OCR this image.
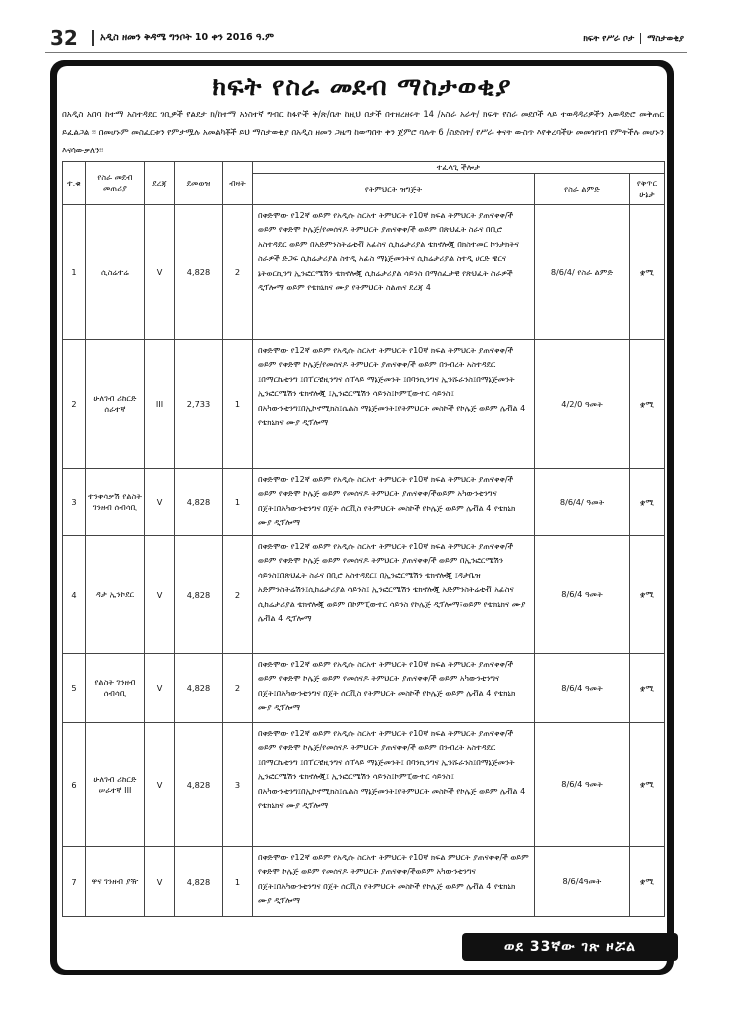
32 አዲስ ዘመን ቅዳሜ ግንቦት 10 ቀን 2016 ዓ.ም	ክፍት የሥራ ቦታ ማስታወቂያ
ክፍት የስራ መደብ ማስታወቂያ
በአዲስ አበባ ከተማ አስተዳደር ገቢዎች የልደታ ክ/ከተማ አነስተኛ ግብር ከፋዮች ቅ/ጽ/ቤት ከዚህ በታች በተዘረዘሩት 14 /አስራ አራት/ ክፍት የስራ መደቦች ላይ ተወዳዳሪዎችን አወዳድሮ መቅጠር ይፈልጋል ፡፡ በመሆኑም መስፈርቱን የምታሟሉ አመልካቾች ይህ ማስታወቂያ በአዲስ ዘመን ጋዜጣ ከወጣበት ቀን ጀምሮ ባሉት 6 /ስድስት/ የሥራ ቀናት ውስጥ እየቀረባችሁ መመዝገብ የምትችሉ መሆኑን እናሳውቃለን፡፡
ተ.ቁ	የስራ መደብ መጠሪያ	ደረጃ	ደመወዝ	ብዛት	ተፈላጊ ችሎታ		
					የትምህርት ዝግጅት	የስራ ልምድ	የቅጥር ሁኔታ
1	ሲስሬተሬ	V	4,828	2	በቀድሞው የ12ኛ ወይም የአዲሱ ስርአተ ትምህርት የ10ኛ ክፍል ትምህርት ያጠናቀቀ/ች ወይም የቀድሞ ኮሌጅ/የመሰናዶ ትምህርት ያጠናቀቀ/ች ወይም በጽህፈት ስራና በቢሮ አስተዳደር ወይም በአድምንስትሬቲቭ አፊስና ሲከሬታሪያል ቴክኖሎጂ በክስተመር ኮንታክትና ስራዎች ድጋፍ ሲከሬታሪያል ስተዲ አፊስ ማኔጅመንትና ሲከሬታሪያል ስተዲ ሀርድ ዌርና ኔትወርኪንግ ኢንፎርሜሽን ቴክኖሎጂ ሲከሬታሪያል ሳይንስ በማሰፈታዊ የጽህፈት ስራዎች ዲፕሎማ ወይም የቴክኒክና ሙያ የትምህርት ስልጠና ደረጃ 4	8/6/4/ የስራ ልምድ	ቋሚ
2	ሁለገብ ሪከርድ ሰራተኛ	III	2,733	1	በቀድሞው የ12ኛ ወይም የአዲሱ ስርአተ ትምህርት የ10ኛ ክፍል ትምህርት ያጠናቀቀ/ች ወይም የቀድሞ ኮሌጅ/የመሰናዶ ትምህርት ያጠናቀቀ/ች ወይም በንብረት አስተዳደር ፤በማርኬቲንግ ፤በፐርቼዚንግና ሰፐላይ ማኔጅመንት ፤በባንኪንግና ኢንሹራንስ፤በማኔጅመንት ኢንፎርሜሽን ቴክኖሎጂ ፤ኢንፎርሜሽን ሳይንስ፤ኮምፒውተር ሳይንስ፤ በአካውንቲንግ፤በኢኮኖሚክስ፤ሴልስ ማኔጅመንት፤የትምህርት መስኮች የኮሌጅ ወይም ሌቭል 4 የቴክኒክና ሙያ ዲፕሎማ	4/2/0 ዓመት	ቋሚ
3	ተንቀሳቃሽ የልስት ገንዘብ ሰብሳቢ	V	4,828	1	በቀድሞው የ12ኛ ወይም የአዲሱ ስርአተ ትምህርት የ10ኛ ክፍል ትምህርት ያጠናቀቀ/ች ወይም የቀድሞ ኮሌጅ ወይም የመሰናዶ ትምህርት ያጠናቀቀ/ችወይም አካውንቲንግና በጀት፤በአካውንቲንግና በጀት ሰርቪስ የትምህርት መስኮች የኮሌጅ ወይም ሌቭል 4 የቴክኒክ ሙያ ዲፕሎማ	8/6/4/ ዓመት	ቋሚ
4	ዳታ ኢንኮደር	V	4,828	2	በቀድሞው የ12ኛ ወይም የአዲሱ ስርአተ ትምህርት የ10ኛ ክፍል ትምህርት ያጠናቀቀ/ች ወይም የቀድሞ ኮሌጅ ወይም የመሰናዶ ትምህርት ያጠናቀቀ/ች ወይም በኢንፎርሜሽን ሳይንስ፤በጽህፈት ስራና በቢሮ አስተዳደር፤ በኢንፎርሜሽን ቴክኖሎጂ ፤ዳታቤዝ አድምንስትሬሽን፤ሲከሬታሪያል ሳይንስ፤ ኢንፎርሜሽን ቴክኖሎጂ አድምንስትሬቲቭ አፊስና ሲከሬታሪያል ቴክኖሎጂ ወይም በኮምፒውተር ሳይንስ የኮሌጅ ዲፕሎማ፣ወይም የቴክኒክና ሙያ ሌቭል 4 ዲፕሎማ	8/6/4 ዓመት	ቋሚ
5	የልስት ገንዘብ ሰብሳቢ	V	4,828	2	በቀድሞው የ12ኛ ወይም የአዲሱ ስርአተ ትምህርት የ10ኛ ክፍል ትምህርት ያጠናቀቀ/ች ወይም የቀድሞ ኮሌጅ ወይም የመሰናዶ ትምህርት ያጠናቀቀ/ች ወይም አካውንቲንግና በጀት፤በአካውንቲንግና በጀት ሰርቪስ የትምህርት መስኮች የኮሌጅ ወይም ሌቭል 4 የቴክኒክ ሙያ ዲፕሎማ	8/6/4 ዓመት	ቋሚ
6	ሁለገብ ሪከርድ ሠራተኛ III	V	4,828	3	በቀድሞው የ12ኛ ወይም የአዲሱ ስርአተ ትምህርት የ10ኛ ክፍል ትምህርት ያጠናቀቀ/ች ወይም የቀድሞ ኮሌጅ/የመሰናዶ ትምህርት ያጠናቀቀ/ች ወይም በንብረት አስተዳደር ፤በማርኬቲንግ ፤በፐርቼዚንግና ሰፐላይ ማኔጅመንት፤ በባንኪንግና ኢንሹራንስ፤በማኔጅመንት ኢንፎርሜሽን ቴክኖሎጂ፤ ኢንፎርሜሽን ሳይንስ፤ኮምፒውተር ሳይንስ፤ በአካውንቲንግ፤በኢኮኖሚክስ፤ሴልስ ማኔጅመንት፤የትምህርት መስኮች የኮሌጅ ወይም ሌቭል 4 የቴክኒክና ሙያ ዲፕሎማ	8/6/4 ዓመት	ቋሚ
7	ዋና ገንዘብ ያዥ	V	4,828	1	በቀድሞው የ12ኛ ወይም የአዲሱ ስርአተ ትምህርት የ10ኛ ክፍል ምህርት ያጠናቀቀ/ች ወይም የቀድሞ ኮሌጅ ወይም የመሰናዶ ትምህርት ያጠናቀቀ/ችወይም አካውንቲንግና በጀት፤በአካውንቲንግና በጀት ሰርቪስ የትምህርት መስኮች የኮሌጅ ወይም ሌቭል 4 የቴክኒክ ሙያ ዲፕሎማ	8/6/4ዓመት	ቋሚ
ወደ 33ኛው ገጽ ዞሯል
